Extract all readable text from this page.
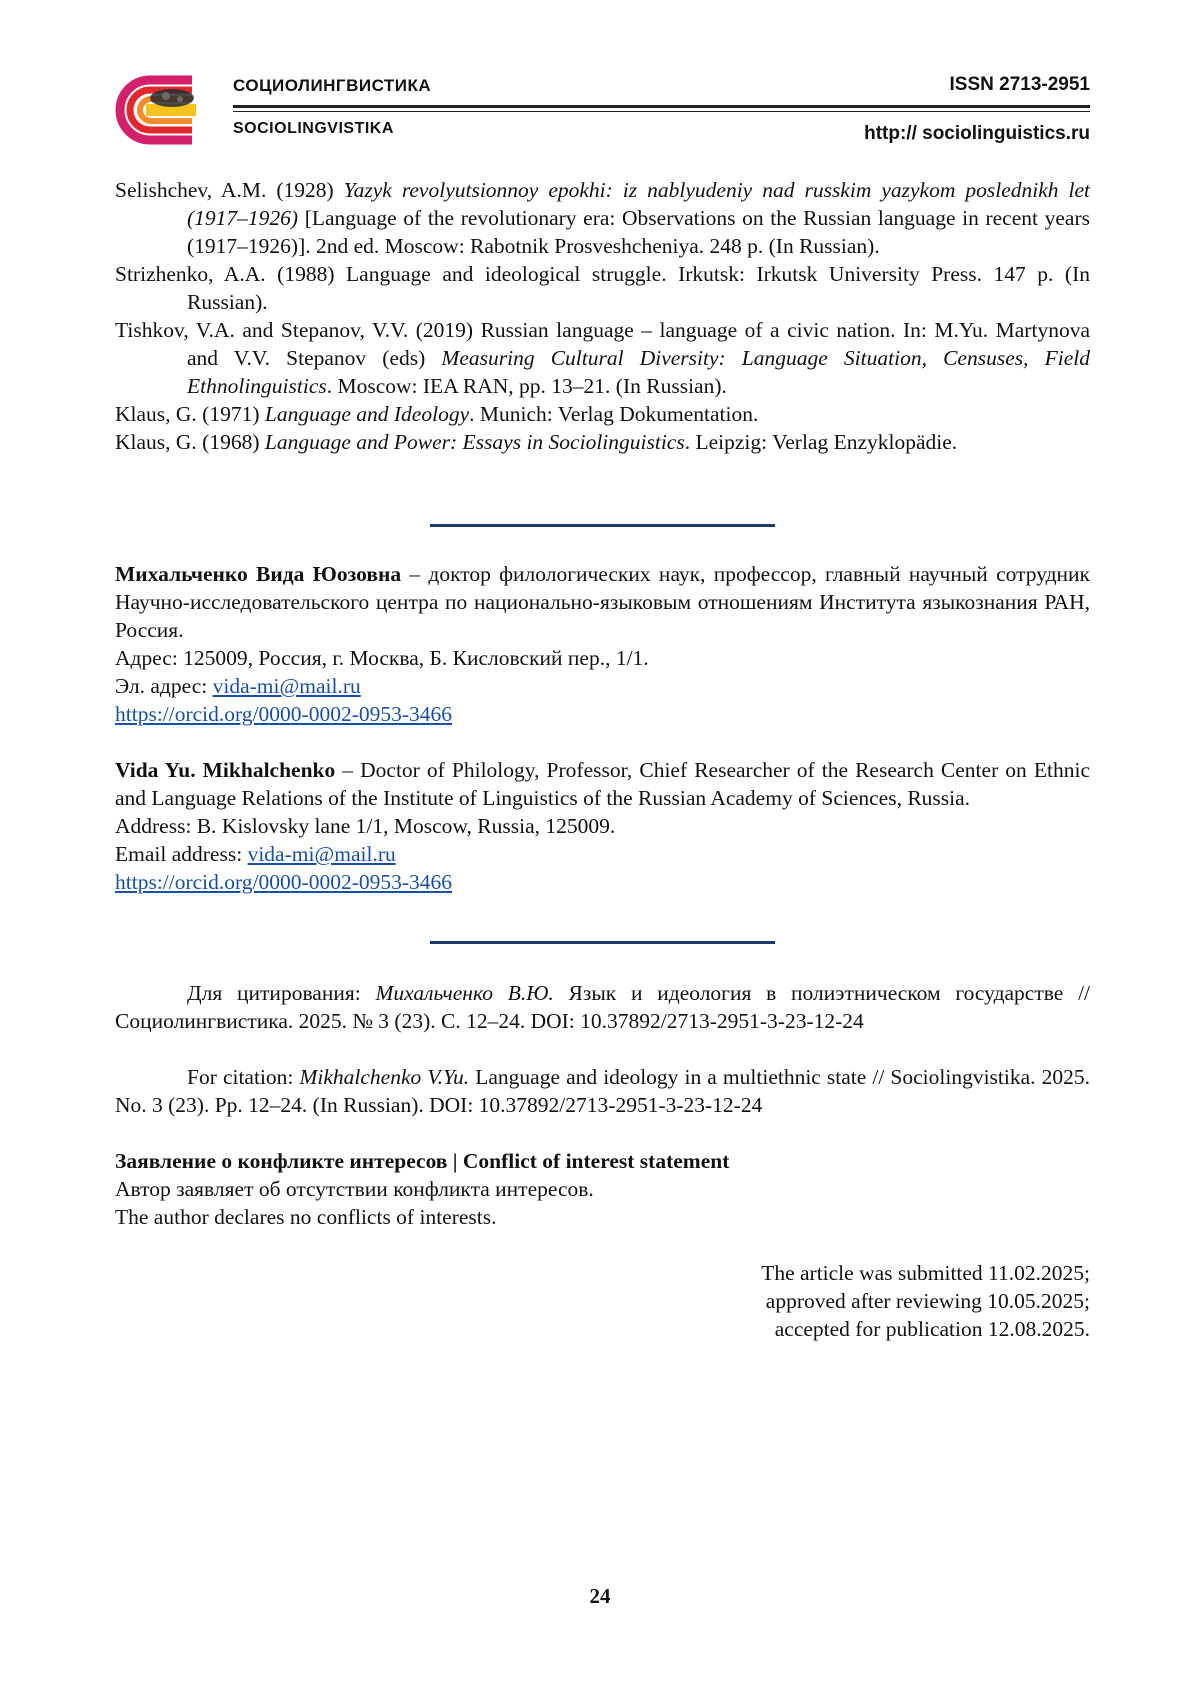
СОЦИОЛИНГВИСТИКА
SOCIOLINGVISTIKA
ISSN 2713-2951
http:// sociolinguistics.ru

Selishchev, A.M. (1928) Yazyk revolyutsionnoy epokhi: iz nablyudeniy nad russkim yazykom poslednikh let (1917–1926) [Language of the revolutionary era: Observations on the Russian language in recent years (1917–1926)]. 2nd ed. Moscow: Rabotnik Prosveshcheniya. 248 p. (In Russian).

Strizhenko, A.A. (1988) Language and ideological struggle. Irkutsk: Irkutsk University Press. 147 p. (In Russian).

Tishkov, V.A. and Stepanov, V.V. (2019) Russian language – language of a civic nation. In: M.Yu. Martynova and V.V. Stepanov (eds) Measuring Cultural Diversity: Language Situation, Censuses, Field Ethnolinguistics. Moscow: IEA RAN, pp. 13–21. (In Russian).

Klaus, G. (1971) Language and Ideology. Munich: Verlag Dokumentation.

Klaus, G. (1968) Language and Power: Essays in Sociolinguistics. Leipzig: Verlag Enzyklopädie.

Михальченко Вида Юозовна – доктор филологических наук, профессор, главный научный сотрудник Научно-исследовательского центра по национально-языковым отношениям Института языкознания РАН, Россия.

Адрес: 125009, Россия, г. Москва, Б. Кисловский пер., 1/1.

Эл. адрес: vida-mi@mail.ru

https://orcid.org/0000-0002-0953-3466

Vida Yu. Mikhalchenko – Doctor of Philology, Professor, Chief Researcher of the Research Center on Ethnic and Language Relations of the Institute of Linguistics of the Russian Academy of Sciences, Russia.

Address: B. Kislovsky lane 1/1, Moscow, Russia, 125009.

Email address: vida-mi@mail.ru

https://orcid.org/0000-0002-0953-3466

Для цитирования: Михальченко В.Ю. Язык и идеология в полиэтническом государстве // Социолингвистика. 2025. № 3 (23). С. 12–24. DOI: 10.37892/2713-2951-3-23-12-24

For citation: Mikhalchenko V.Yu. Language and ideology in a multiethnic state // Sociolingvistika. 2025. No. 3 (23). Pp. 12–24. (In Russian). DOI: 10.37892/2713-2951-3-23-12-24

Заявление о конфликте интересов | Conflict of interest statement

Автор заявляет об отсутствии конфликта интересов.

The author declares no conflicts of interests.

The article was submitted 11.02.2025;

approved after reviewing 10.05.2025;

accepted for publication 12.08.2025.

24
